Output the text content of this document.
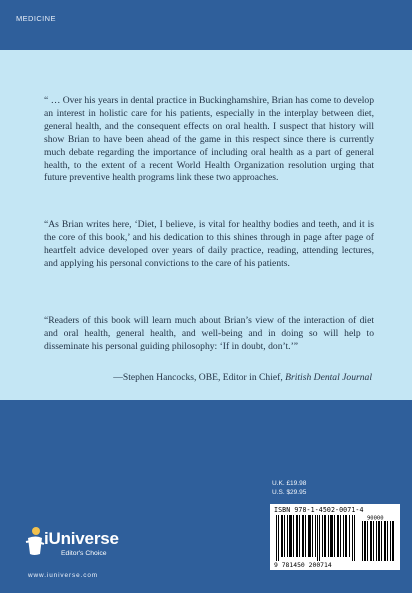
MEDICINE

“ … Over his years in dental practice in Buckinghamshire, Brian has come to develop an interest in holistic care for his patients, especially in the interplay between diet, general health, and the consequent effects on oral health. I suspect that history will show Brian to have been ahead of the game in this respect since there is currently much debate regarding the importance of including oral health as a part of general health, to the extent of a recent World Health Organization resolution urging that future preventive health programs link these two approaches.

“As Brian writes here, ‘Diet, I believe, is vital for healthy bodies and teeth, and it is the core of this book,’ and his dedication to this shines through in page after page of heartfelt advice developed over years of daily practice, reading, attending lectures, and applying his personal convictions to the care of his patients.

“Readers of this book will learn much about Brian’s view of the interaction of diet and oral health, general health, and well-being and in doing so will help to disseminate his personal guiding philosophy: ‘If in doubt, don’t.’”

—Stephen Hancocks, OBE, Editor in Chief, British Dental Journal
U.K. £19.98
U.S. $29.95
ISBN 978-1-4502-0071-4
90000
9 781450 200714
iUniverse
Editor's Choice
www.iuniverse.com
